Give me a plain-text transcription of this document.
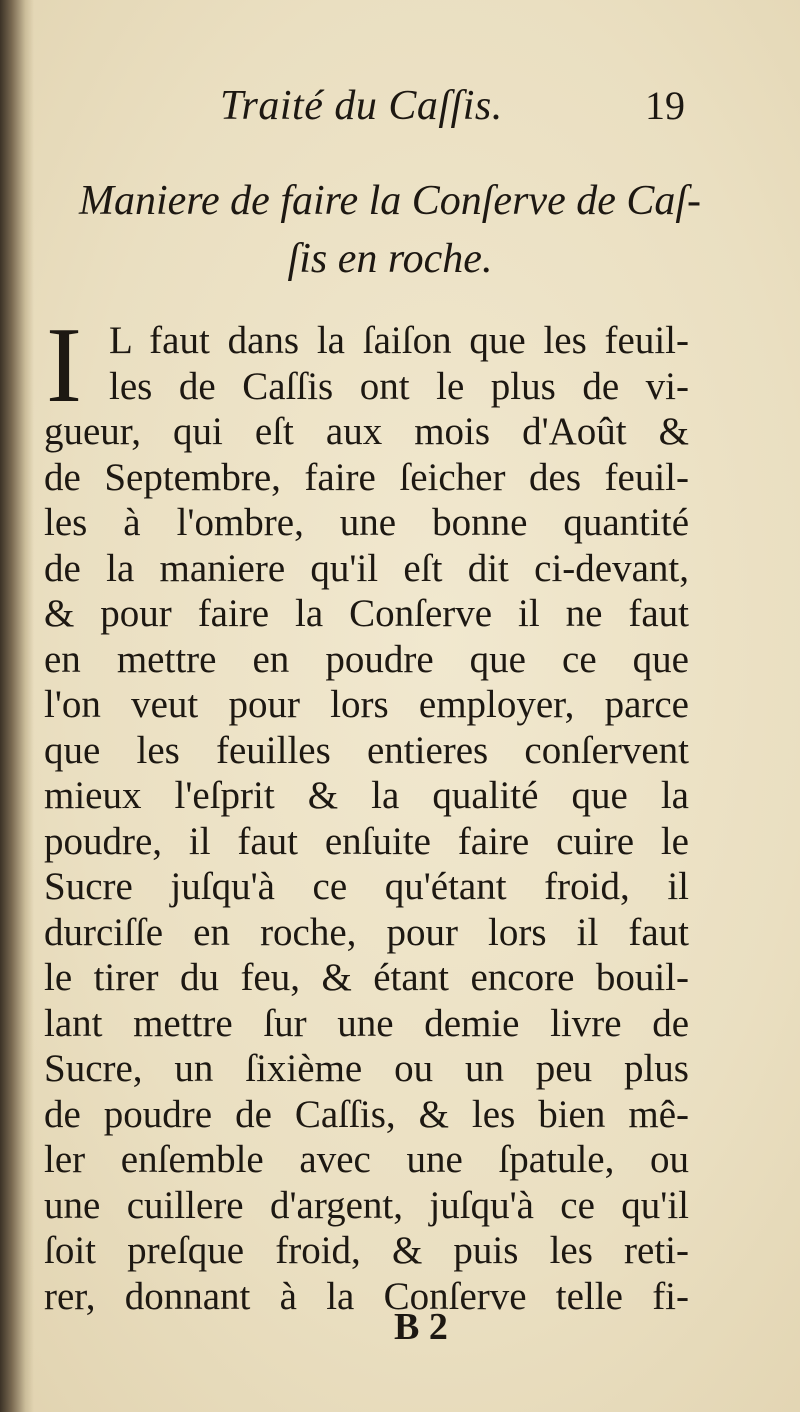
Traité du Caſſis.	19
Maniere de faire la Conſerve de Caſ-
ſis en roche.
I L faut dans la ſaiſon que les feuil-
les de Caſſis ont le plus de vi-
gueur, qui eſt aux mois d'Août &
de Septembre, faire ſeicher des feuil-
les à l'ombre, une bonne quantité
de la maniere qu'il eſt dit ci-devant,
& pour faire la Conſerve il ne faut
en mettre en poudre que ce que
l'on veut pour lors employer, parce
que les feuilles entieres conſervent
mieux l'eſprit & la qualité que la
poudre, il faut enſuite faire cuire le
Sucre juſqu'à ce qu'étant froid, il
durciſſe en roche, pour lors il faut
le tirer du feu, & étant encore bouil-
lant mettre ſur une demie livre de
Sucre, un ſixième ou un peu plus
de poudre de Caſſis, & les bien mê-
ler enſemble avec une ſpatule, ou
une cuillere d'argent, juſqu'à ce qu'il
ſoit preſque froid, & puis les reti-
rer, donnant à la Conſerve telle fi-
B 2
